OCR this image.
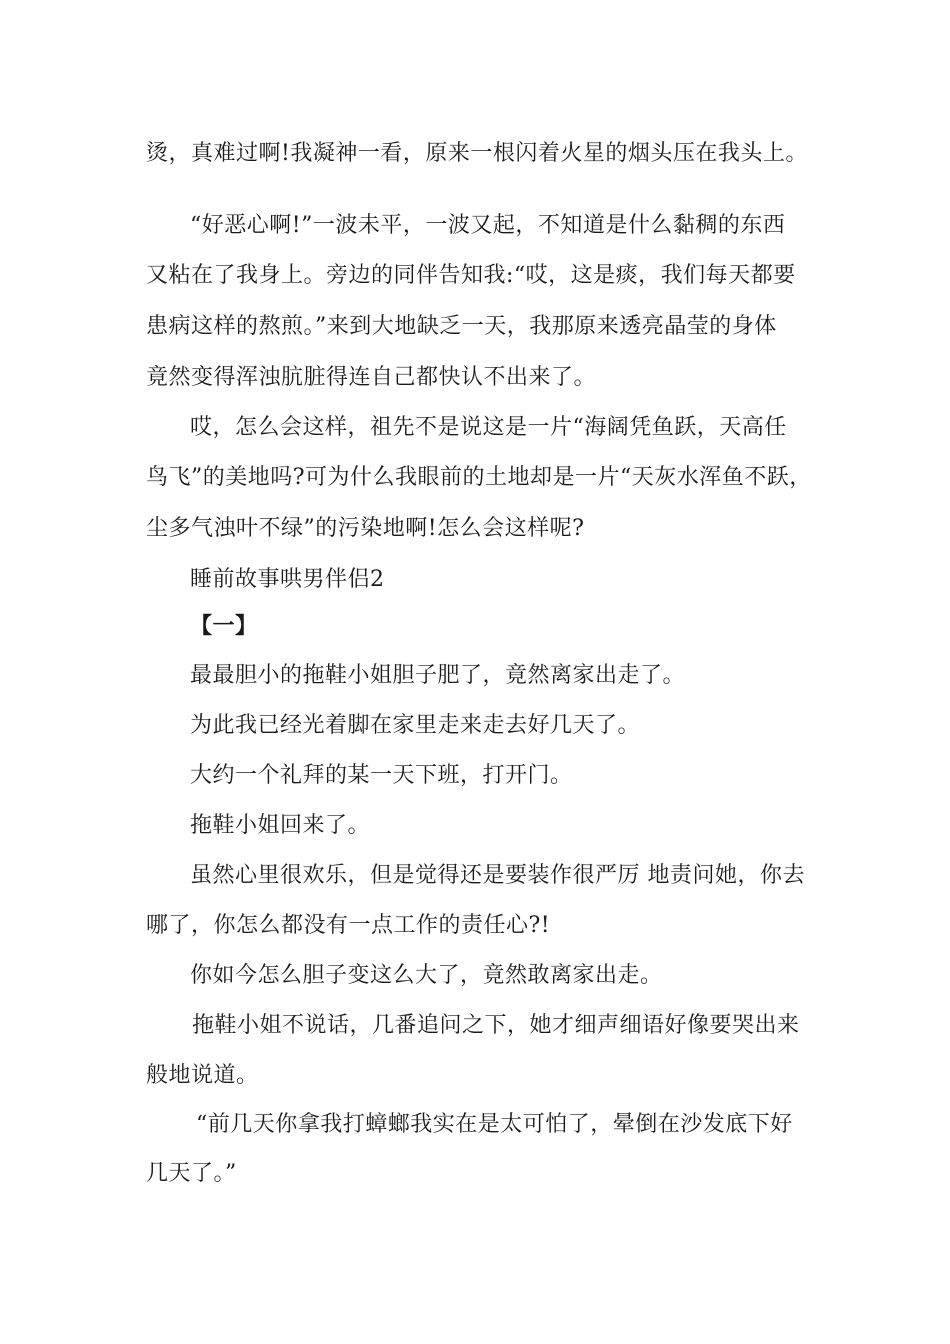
烫，真难过啊!我凝神一看，原来一根闪着火星的烟头压在我头上。
“好恶心啊!”一波未平，一波又起，不知道是什么黏稠的东西
又粘在了我身上。旁边的同伴告知我:“哎，这是痰，我们每天都要
患病这样的熬煎。”来到大地缺乏一天，我那原来透亮晶莹的身体
竟然变得浑浊肮脏得连自己都快认不出来了。
哎，怎么会这样，祖先不是说这是一片“海阔凭鱼跃，天高任
鸟飞”的美地吗?可为什么我眼前的土地却是一片“天灰水浑鱼不跃，
尘多气浊叶不绿”的污染地啊!怎么会这样呢?
睡前故事哄男伴侣2
【一】
最最胆小的拖鞋小姐胆子肥了，竟然离家出走了。
为此我已经光着脚在家里走来走去好几天了。
大约一个礼拜的某一天下班，打开门。
拖鞋小姐回来了。
虽然心里很欢乐，但是觉得还是要装作很严厉 地责问她，你去
哪了，你怎么都没有一点工作的责任心?!
你如今怎么胆子变这么大了，竟然敢离家出走。
拖鞋小姐不说话，几番追问之下，她才细声细语好像要哭出来
般地说道。
“前几天你拿我打蟑螂我实在是太可怕了，晕倒在沙发底下好
几天了。”
